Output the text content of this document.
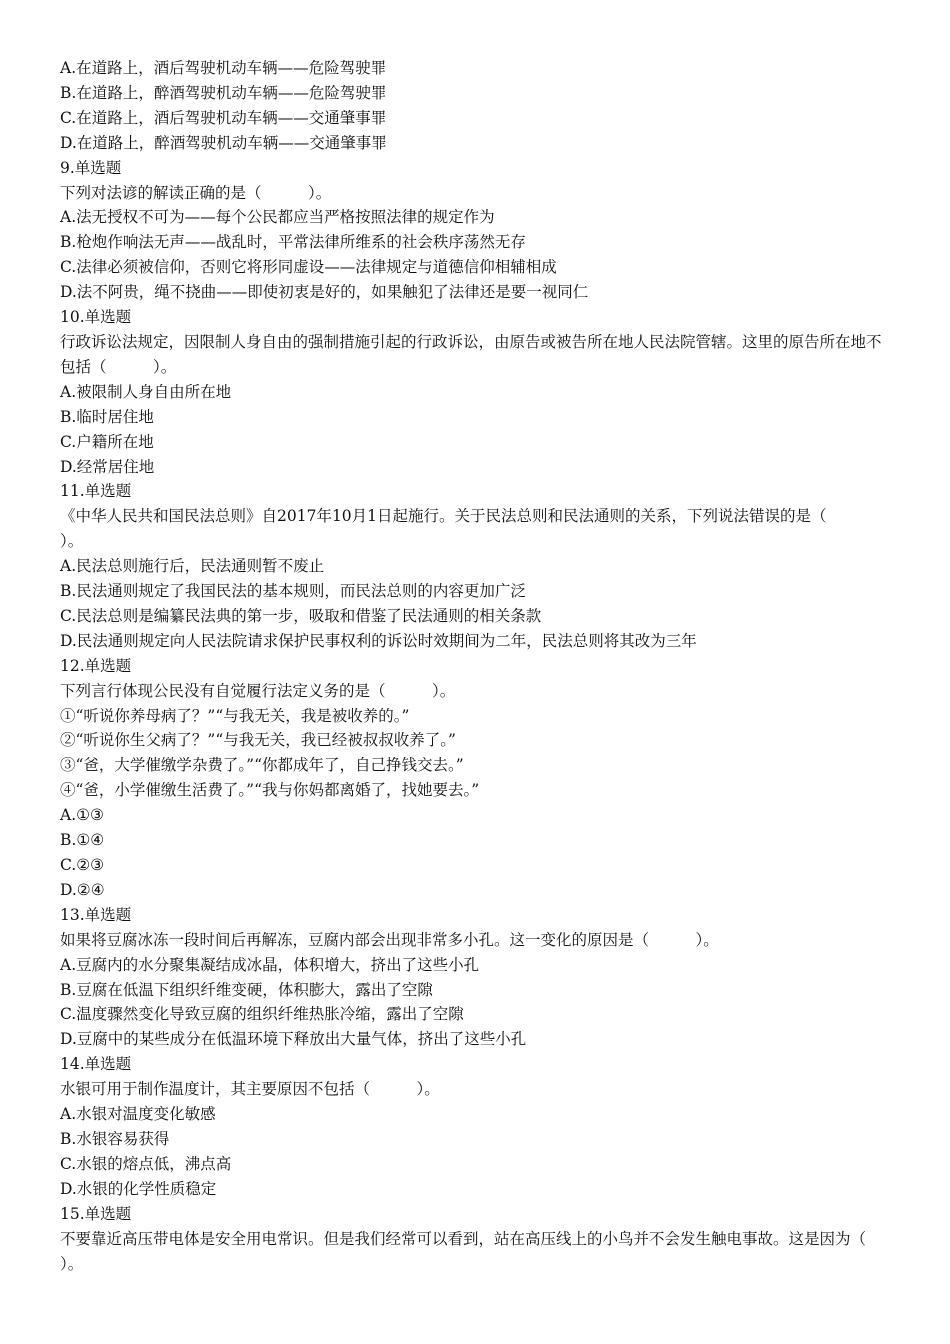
A.在道路上，酒后驾驶机动车辆——危险驾驶罪
B.在道路上，醉酒驾驶机动车辆——危险驾驶罪
C.在道路上，酒后驾驶机动车辆——交通肇事罪
D.在道路上，醉酒驾驶机动车辆——交通肇事罪
9.单选题
下列对法谚的解读正确的是（　　　）。
A.法无授权不可为——每个公民都应当严格按照法律的规定作为
B.枪炮作响法无声——战乱时，平常法律所维系的社会秩序荡然无存
C.法律必须被信仰，否则它将形同虚设——法律规定与道德信仰相辅相成
D.法不阿贵，绳不挠曲——即使初衷是好的，如果触犯了法律还是要一视同仁
10.单选题
行政诉讼法规定，因限制人身自由的强制措施引起的行政诉讼，由原告或被告所在地人民法院管辖。这里的原告所在地不包括（　　　）。
A.被限制人身自由所在地
B.临时居住地
C.户籍所在地
D.经常居住地
11.单选题
《中华人民共和国民法总则》自2017年10月1日起施行。关于民法总则和民法通则的关系，下列说法错误的是（　　　）。
A.民法总则施行后，民法通则暂不废止
B.民法通则规定了我国民法的基本规则，而民法总则的内容更加广泛
C.民法总则是编纂民法典的第一步，吸取和借鉴了民法通则的相关条款
D.民法通则规定向人民法院请求保护民事权利的诉讼时效期间为二年，民法总则将其改为三年
12.单选题
下列言行体现公民没有自觉履行法定义务的是（　　　）。
①“听说你养母病了？”“与我无关，我是被收养的。”
②“听说你生父病了？”“与我无关，我已经被叔叔收养了。”
③“爸，大学催缴学杂费了。”“你都成年了，自己挣钱交去。”
④“爸，小学催缴生活费了。”“我与你妈都离婚了，找她要去。”
A.①③
B.①④
C.②③
D.②④
13.单选题
如果将豆腐冰冻一段时间后再解冻，豆腐内部会出现非常多小孔。这一变化的原因是（　　　）。
A.豆腐内的水分聚集凝结成冰晶，体积增大，挤出了这些小孔
B.豆腐在低温下组织纤维变硬，体积膨大，露出了空隙
C.温度骤然变化导致豆腐的组织纤维热胀冷缩，露出了空隙
D.豆腐中的某些成分在低温环境下释放出大量气体，挤出了这些小孔
14.单选题
水银可用于制作温度计，其主要原因不包括（　　　）。
A.水银对温度变化敏感
B.水银容易获得
C.水银的熔点低，沸点高
D.水银的化学性质稳定
15.单选题
不要靠近高压带电体是安全用电常识。但是我们经常可以看到，站在高压线上的小鸟并不会发生触电事故。这是因为（　　　）。
